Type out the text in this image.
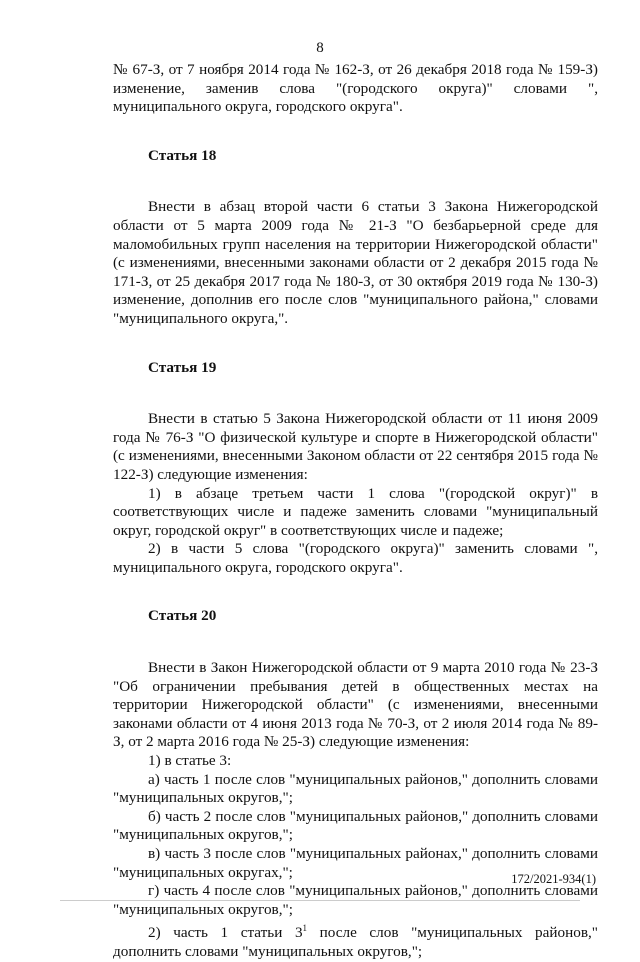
8

№ 67-З, от 7 ноября 2014 года № 162-З, от 26 декабря 2018 года № 159-З) изменение, заменив слова "(городского округа)" словами ", муниципального округа, городского округа".

Статья 18

Внести в абзац второй части 6 статьи 3 Закона Нижегородской области от 5 марта 2009 года № 21-З "О безбарьерной среде для маломобильных групп населения на территории Нижегородской области" (с изменениями, внесенными законами области от 2 декабря 2015 года № 171-З, от 25 декабря 2017 года № 180-З, от 30 октября 2019 года № 130-З) изменение, дополнив его после слов "муниципального района," словами "муниципального округа,".

Статья 19

Внести в статью 5 Закона Нижегородской области от 11 июня 2009 года № 76-З "О физической культуре и спорте в Нижегородской области" (с изменениями, внесенными Законом области от 22 сентября 2015 года № 122-З) следующие изменения:

1) в абзаце третьем части 1 слова "(городской округ)" в соответствующих числе и падеже заменить словами "муниципальный округ, городской округ" в соответствующих числе и падеже;

2) в части 5 слова "(городского округа)" заменить словами ", муниципального округа, городского округа".

Статья 20

Внести в Закон Нижегородской области от 9 марта 2010 года № 23-З "Об ограничении пребывания детей в общественных местах на территории Нижегородской области" (с изменениями, внесенными законами области от 4 июня 2013 года № 70-З, от 2 июля 2014 года № 89-З, от 2 марта 2016 года № 25-З) следующие изменения:

1) в статье 3:

а) часть 1 после слов "муниципальных районов," дополнить словами "муниципальных округов,";

б) часть 2 после слов "муниципальных районов," дополнить словами "муниципальных округов,";

в) часть 3 после слов "муниципальных районах," дополнить словами "муниципальных округах,";

г) часть 4 после слов "муниципальных районов," дополнить словами "муниципальных округов,";

2) часть 1 статьи $3^1$ после слов "муниципальных районов," дополнить словами "муниципальных округов,";

172/2021-934(1)
